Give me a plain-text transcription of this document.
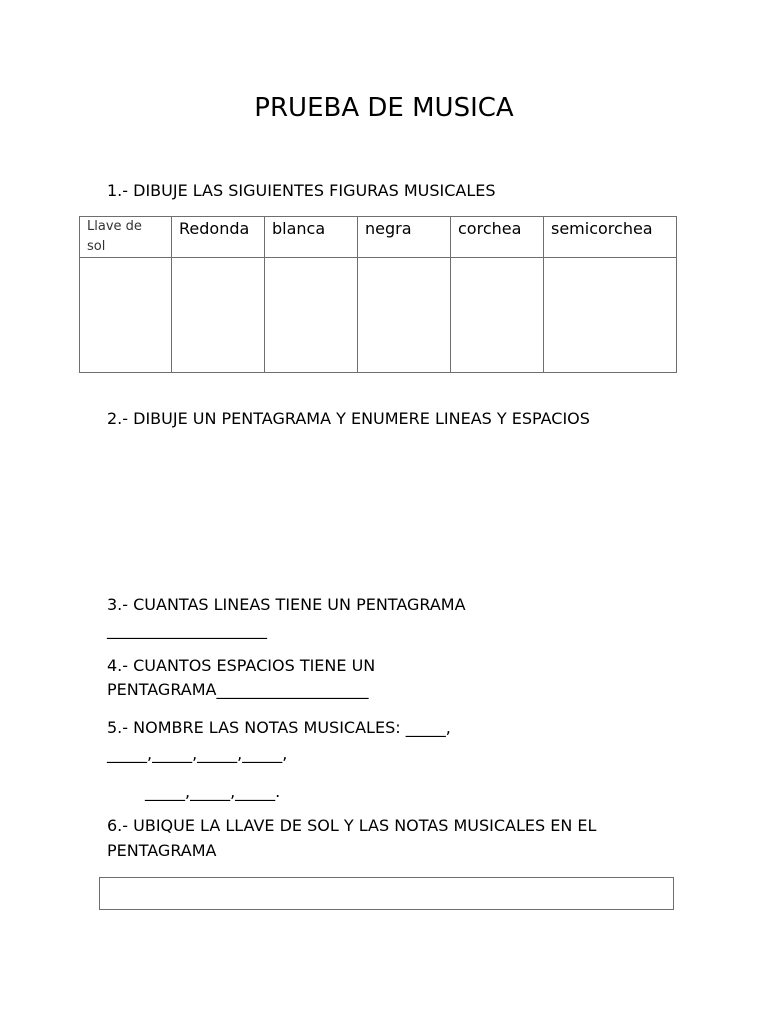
PRUEBA DE MUSICA
1.- DIBUJE LAS SIGUIENTES FIGURAS MUSICALES
Llave de sol	Redonda	blanca	negra	corchea	semicorchea

2.- DIBUJE UN PENTAGRAMA Y ENUMERE LINEAS Y ESPACIOS
3.- CUANTAS LINEAS TIENE UN PENTAGRAMA
____________________
4.- CUANTOS ESPACIOS TIENE UN
PENTAGRAMA___________________
5.- NOMBRE LAS NOTAS MUSICALES: _____,
_____,_____,_____,_____,
_____,_____,_____.
6.- UBIQUE LA LLAVE DE SOL Y LAS NOTAS MUSICALES EN EL
PENTAGRAMA
